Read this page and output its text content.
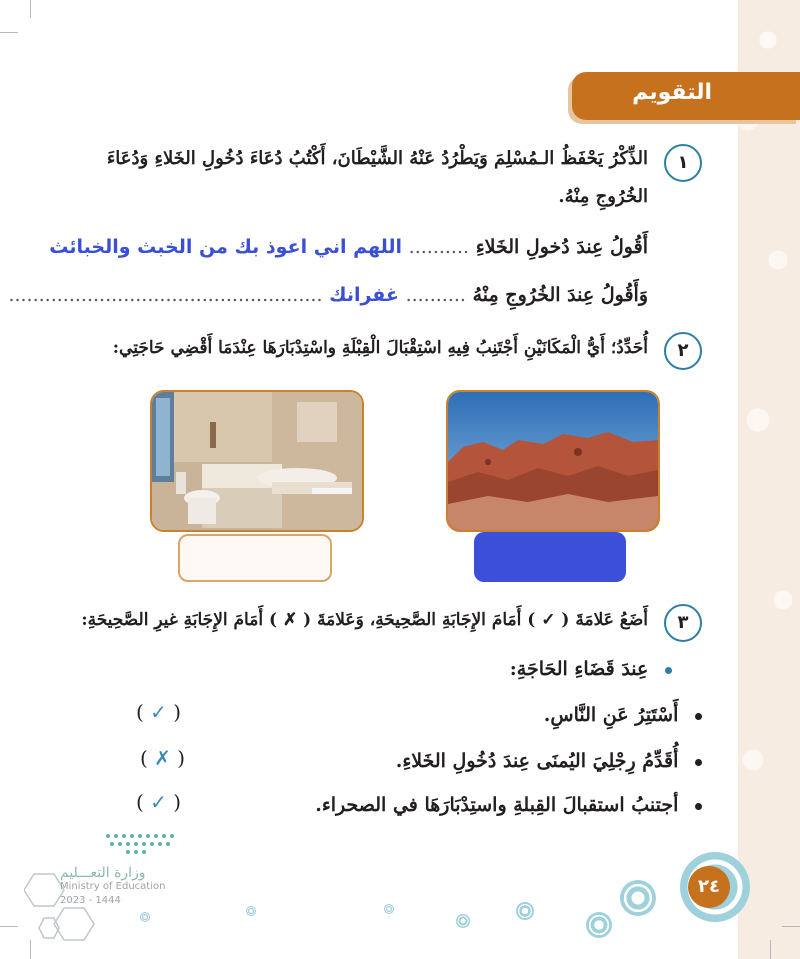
التقويم
١
الذِّكْرُ يَحْفَظُ الـمُسْلِمَ وَيَطْرُدُ عَنْهُ الشَّيْطَانَ، أَكْتُبُ دُعَاءَ دُخُولِ الخَلاءِ وَدُعَاءَ
الخُرُوجِ مِنْهُ.
أَقُولُ عِندَ دُخولِ الخَلاءِ .......... اللهم اني اعوذ بك من الخبث والخبائث
وَأَقُولُ عِندَ الخُرُوجِ مِنْهُ .......... غفرانك ....................................................
٢
أُحَدِّدُ؛ أَيُّ الْمَكَانَيْنِ أَجْتَنِبُ فِيهِ اسْتِقْبَالَ الْقِبْلَةِ واسْتِدْبَارَهَا عِنْدَمَا أَقْضِي حَاجَتِي:
٣
أَضَعُ عَلامَةَ ( ✓ ) أَمَامَ الإِجَابَةِ الصَّحِيحَةِ، وَعَلامَةَ ( ✗ ) أَمَامَ الإِجَابَةِ غيرِ الصَّحِيحَةِ:
عِندَ قَضَاءِ الحَاجَةِ:
أَسْتَتِرُ عَنِ النَّاسِ.
( ✓ )
أُقَدِّمُ رِجْلِيَ اليُمنَى عِندَ دُخُولِ الخَلاءِ.
( ✗ )
أجتنبُ استقبالَ القِبلةِ واستِدْبَارَهَا في الصحراء.
( ✓ )
٢٤
وزارة التعـــليم
Ministry of Education
2023 - 1444
